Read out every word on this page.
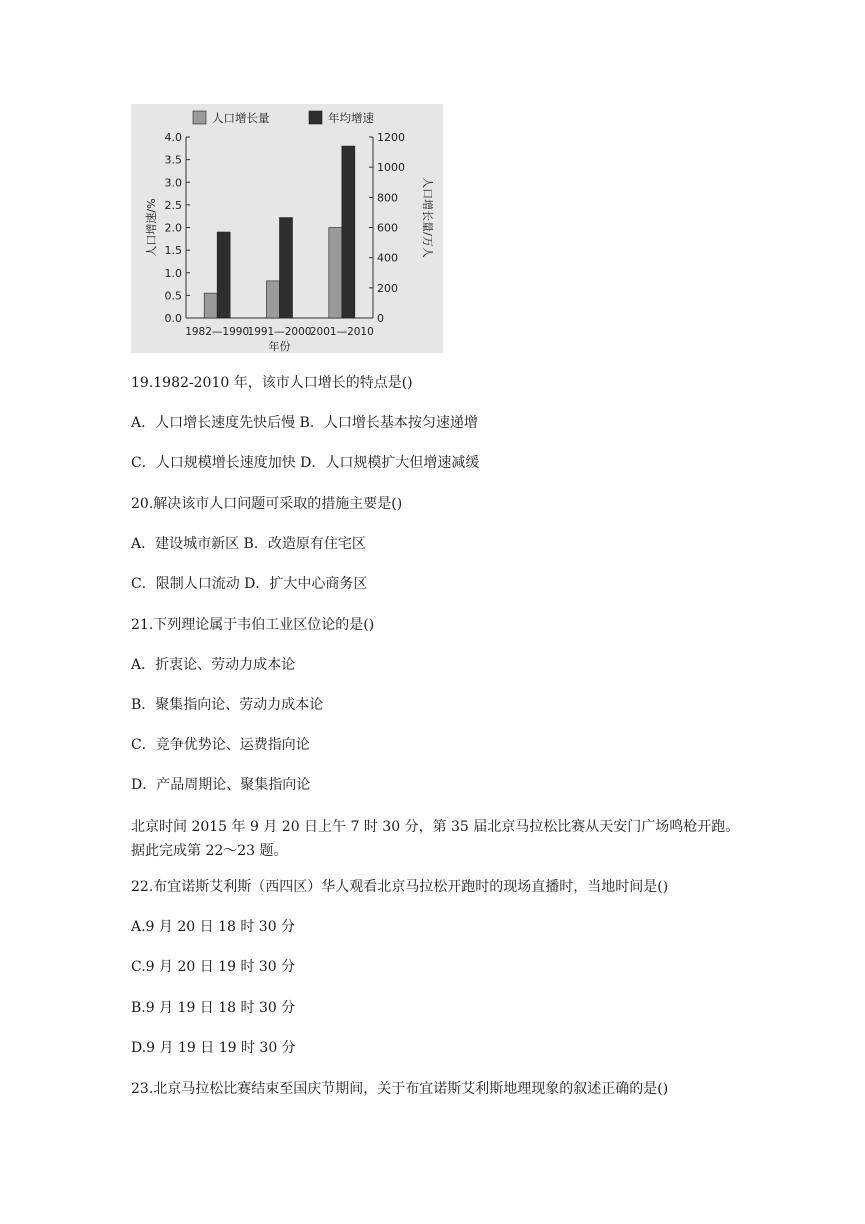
0.0
0.5
1.0
1.5
2.0
2.5
3.0
3.5
4.0
0
200
400
600
800
1000
1200
1982—1990
1991—2000
2001—2010
年份
人口增速/%	人口增长量/万人
人口增长量	年均增速
19.1982-2010 年，该市人口增长的特点是()
A．人口增长速度先快后慢 B．人口增长基本按匀速递增
C．人口规模增长速度加快 D．人口规模扩大但增速减缓
20.解决该市人口问题可采取的措施主要是()
A．建设城市新区 B．改造原有住宅区
C．限制人口流动 D．扩大中心商务区
21.下列理论属于韦伯工业区位论的是()
A．折衷论、劳动力成本论
B．聚集指向论、劳动力成本论
C．竞争优势论、运费指向论
D．产品周期论、聚集指向论
北京时间 2015 年 9 月 20 日上午 7 时 30 分，第 35 届北京马拉松比赛从天安门广场鸣枪开跑。据此完成第 22～23 题。
22.布宜诺斯艾利斯（西四区）华人观看北京马拉松开跑时的现场直播时，当地时间是()
A.9 月 20 日 18 时 30 分
C.9 月 20 日 19 时 30 分
B.9 月 19 日 18 时 30 分
D.9 月 19 日 19 时 30 分
23.北京马拉松比赛结束至国庆节期间，关于布宜诺斯艾利斯地理现象的叙述正确的是()
